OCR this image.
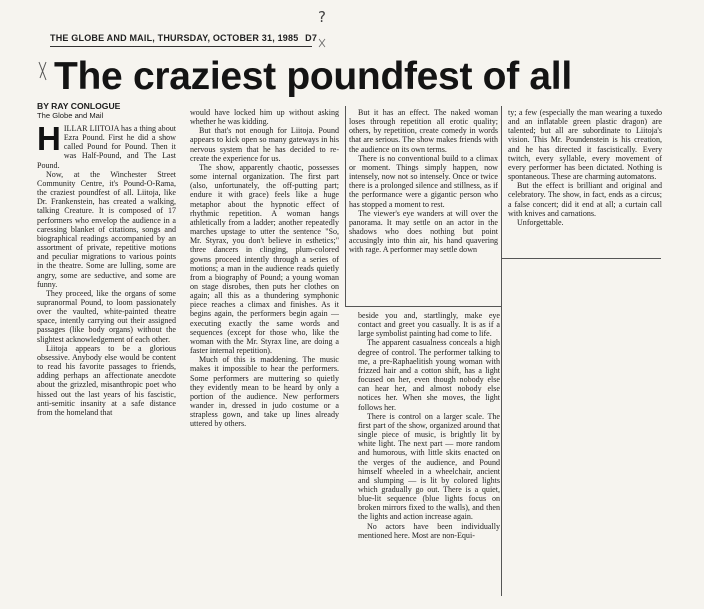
THE GLOBE AND MAIL, THURSDAY, OCTOBER 31, 1985 D7
?
The craziest poundfest of all
BY RAY CONLOGUE
The Globe and Mail
H ILLAR LIITOJA has a thing about Ezra Pound. First he did a show called Pound for Pound. Then it was Half-Pound, and The Last Pound.

Now, at the Winchester Street Community Centre, it's Pound-O-Rama, the craziest poundfest of all. Liitoja, like Dr. Frankenstein, has created a walking, talking Creature. It is composed of 17 performers who envelop the audience in a caressing blanket of citations, songs and biographical readings accompanied by an assortment of private, repetitive motions and peculiar migrations to various points in the theatre. Some are lulling, some are angry, some are seductive, and some are funny.

They proceed, like the organs of some supranormal Pound, to loom passionately over the vaulted, white-painted theatre space, intently carrying out their assigned passages (like body organs) without the slightest acknowledgement of each other.

Liitoja appears to be a glorious obsessive. Anybody else would be content to read his favorite passages to friends, adding perhaps an affectionate anecdote about the grizzled, misanthropic poet who hissed out the last years of his fascistic, anti-semitic insanity at a safe distance from the homeland that

would have locked him up without asking whether he was kidding.

But that's not enough for Liitoja. Pound appears to kick open so many gateways in his nervous system that he has decided to re-create the experience for us.

The show, apparently chaotic, possesses some internal organization. The first part (also, unfortunately, the off-putting part; endure it with grace) feels like a huge metaphor about the hypnotic effect of rhythmic repetition. A woman hangs athletically from a ladder; another repeatedly marches upstage to utter the sentence "So, Mr. Styrax, you don't believe in esthetics;" three dancers in clinging, plum-colored gowns proceed intently through a series of motions; a man in the audience reads quietly from a biography of Pound; a young woman on stage disrobes, then puts her clothes on again; all this as a thundering symphonic piece reaches a climax and finishes. As it begins again, the performers begin again — executing exactly the same words and sequences (except for those who, like the woman with the Mr. Styrax line, are doing a faster internal repetition).

Much of this is maddening. The music makes it impossible to hear the performers. Some performers are muttering so quietly they evidently mean to be heard by only a portion of the audience. New performers wander in, dressed in judo costume or a strapless gown, and take up lines already uttered by others.

But it has an effect. The naked woman loses through repetition all erotic quality; others, by repetition, create comedy in words that are serious. The show makes friends with the audience on its own terms.

There is no conventional build to a climax or moment. Things simply happen, now intensely, now not so intensely. Once or twice there is a prolonged silence and stillness, as if the performance were a gigantic person who has stopped a moment to rest.

The viewer's eye wanders at will over the panorama. It may settle on an actor in the shadows who does nothing but point accusingly into thin air, his hand quavering with rage. A performer may settle down

beside you and, startlingly, make eye contact and greet you casually. It is as if a large symbolist painting had come to life.

The apparent casualness conceals a high degree of control. The performer talking to me, a pre-Raphaelitish young woman with frizzed hair and a cotton shift, has a light focused on her, even though nobody else can hear her, and almost nobody else notices her. When she moves, the light follows her.

There is control on a larger scale. The first part of the show, organized around that single piece of music, is brightly lit by white light. The next part — more random and humorous, with little skits enacted on the verges of the audience, and Pound himself wheeled in a wheelchair, ancient and slumping — is lit by colored lights which gradually go out. There is a quiet, blue-lit sequence (blue lights focus on broken mirrors fixed to the walls), and then the lights and action increase again.

No actors have been individually mentioned here. Most are non-Equi-

ty; a few (especially the man wearing a tuxedo and an inflatable green plastic dragon) are talented; but all are subordinate to Liitoja's vision. This Mr. Poundenstein is his creation, and he has directed it fascistically. Every twitch, every syllable, every movement of every performer has been dictated. Nothing is spontaneous. These are charming automatons.

But the effect is brilliant and original and celebratory. The show, in fact, ends as a circus; a false concert; did it end at all; a curtain call with knives and carnations.

Unforgettable.
